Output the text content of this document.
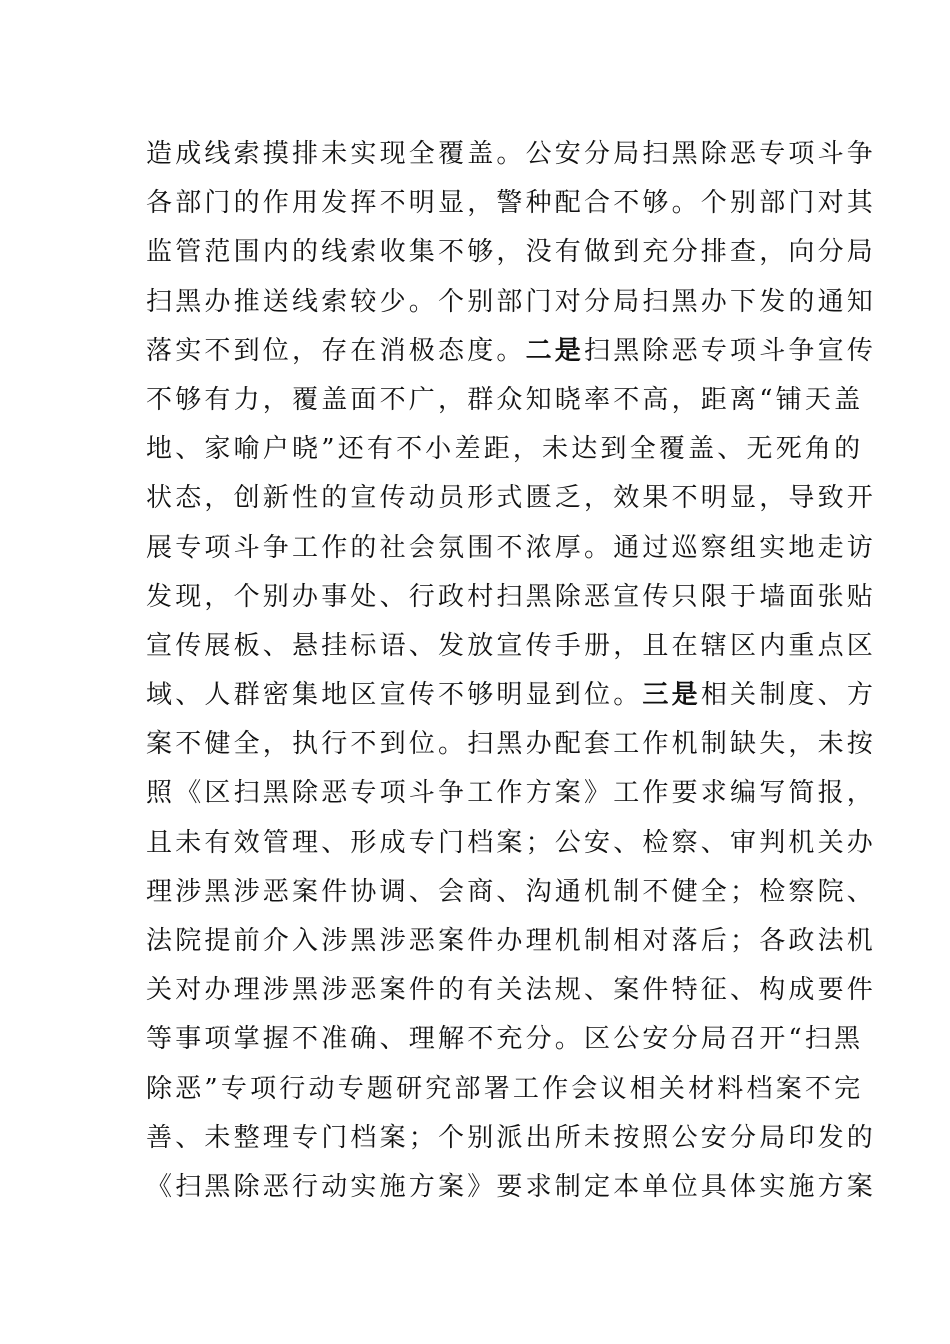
造成线索摸排未实现全覆盖。公安分局扫黑除恶专项斗争
各部门的作用发挥不明显，警种配合不够。个别部门对其
监管范围内的线索收集不够，没有做到充分排查，向分局
扫黑办推送线索较少。个别部门对分局扫黑办下发的通知
落实不到位，存在消极态度。二是扫黑除恶专项斗争宣传
不够有力，覆盖面不广，群众知晓率不高，距离“铺天盖
地、家喻户晓”还有不小差距，未达到全覆盖、无死角的
状态，创新性的宣传动员形式匮乏，效果不明显，导致开
展专项斗争工作的社会氛围不浓厚。通过巡察组实地走访
发现，个别办事处、行政村扫黑除恶宣传只限于墙面张贴
宣传展板、悬挂标语、发放宣传手册，且在辖区内重点区
域、人群密集地区宣传不够明显到位。三是相关制度、方
案不健全，执行不到位。扫黑办配套工作机制缺失，未按
照《区扫黑除恶专项斗争工作方案》工作要求编写简报，
且未有效管理、形成专门档案；公安、检察、审判机关办
理涉黑涉恶案件协调、会商、沟通机制不健全；检察院、
法院提前介入涉黑涉恶案件办理机制相对落后；各政法机
关对办理涉黑涉恶案件的有关法规、案件特征、构成要件
等事项掌握不准确、理解不充分。区公安分局召开“扫黑
除恶”专项行动专题研究部署工作会议相关材料档案不完
善、未整理专门档案；个别派出所未按照公安分局印发的
《扫黑除恶行动实施方案》要求制定本单位具体实施方案
